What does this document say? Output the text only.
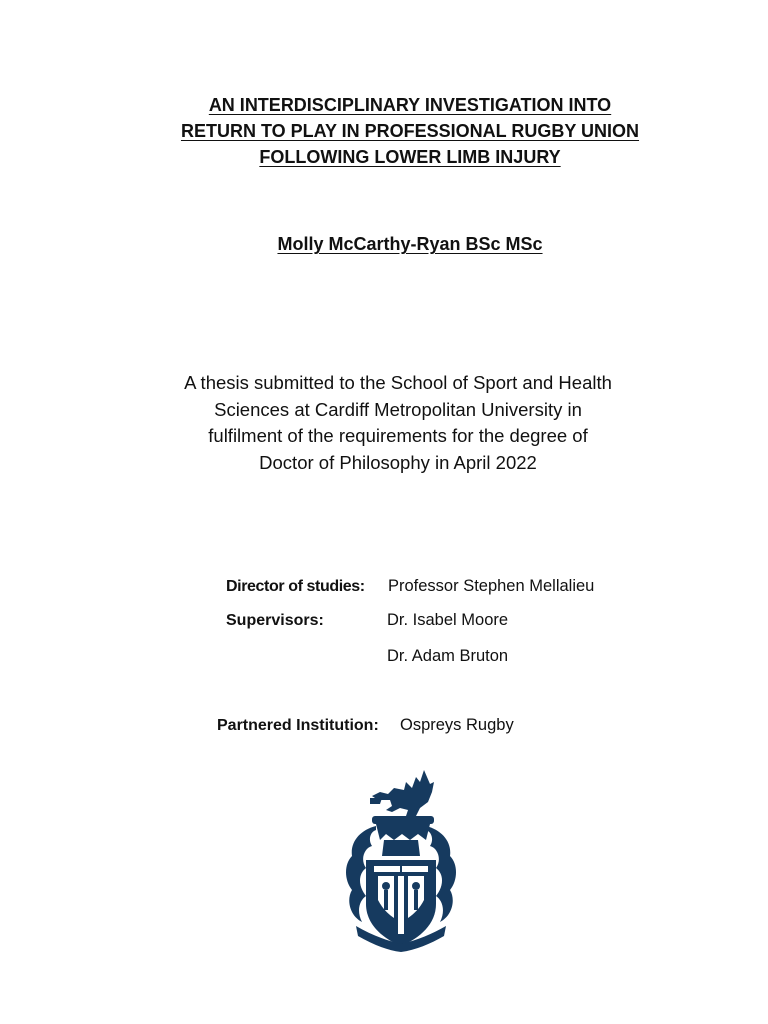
AN INTERDISCIPLINARY INVESTIGATION INTO
RETURN TO PLAY IN PROFESSIONAL RUGBY UNION
FOLLOWING LOWER LIMB INJURY
Molly McCarthy-Ryan BSc MSc
A thesis submitted to the School of Sport and Health
Sciences at Cardiff Metropolitan University in
fulfilment of the requirements for the degree of
Doctor of Philosophy in April 2022
Director of studies: Professor Stephen Mellalieu
Supervisors:	Dr. Isabel Moore
Dr. Adam Bruton
Partnered Institution: Ospreys Rugby
